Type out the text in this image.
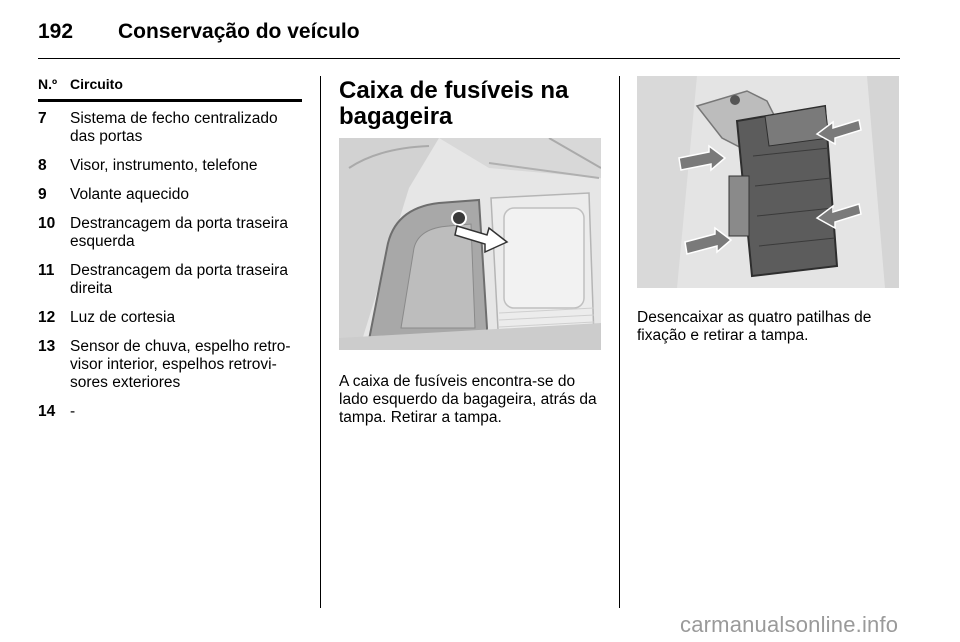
192 Conservação do veículo
N.º Circuito
7	Sistema de fecho centralizado das portas
8	Visor, instrumento, telefone
9	Volante aquecido
10 Destrancagem da porta traseira esquerda
11	Destrancagem da porta traseira direita
12 Luz de cortesia
13 Sensor de chuva, espelho retro-visor interior, espelhos retrovi-sores exteriores
14 -
Caixa de fusíveis na bagageira
A caixa de fusíveis encontra-se do lado esquerdo da bagageira, atrás da tampa. Retirar a tampa.
Desencaixar as quatro patilhas de fixação e retirar a tampa.
carmanualsonline.info
